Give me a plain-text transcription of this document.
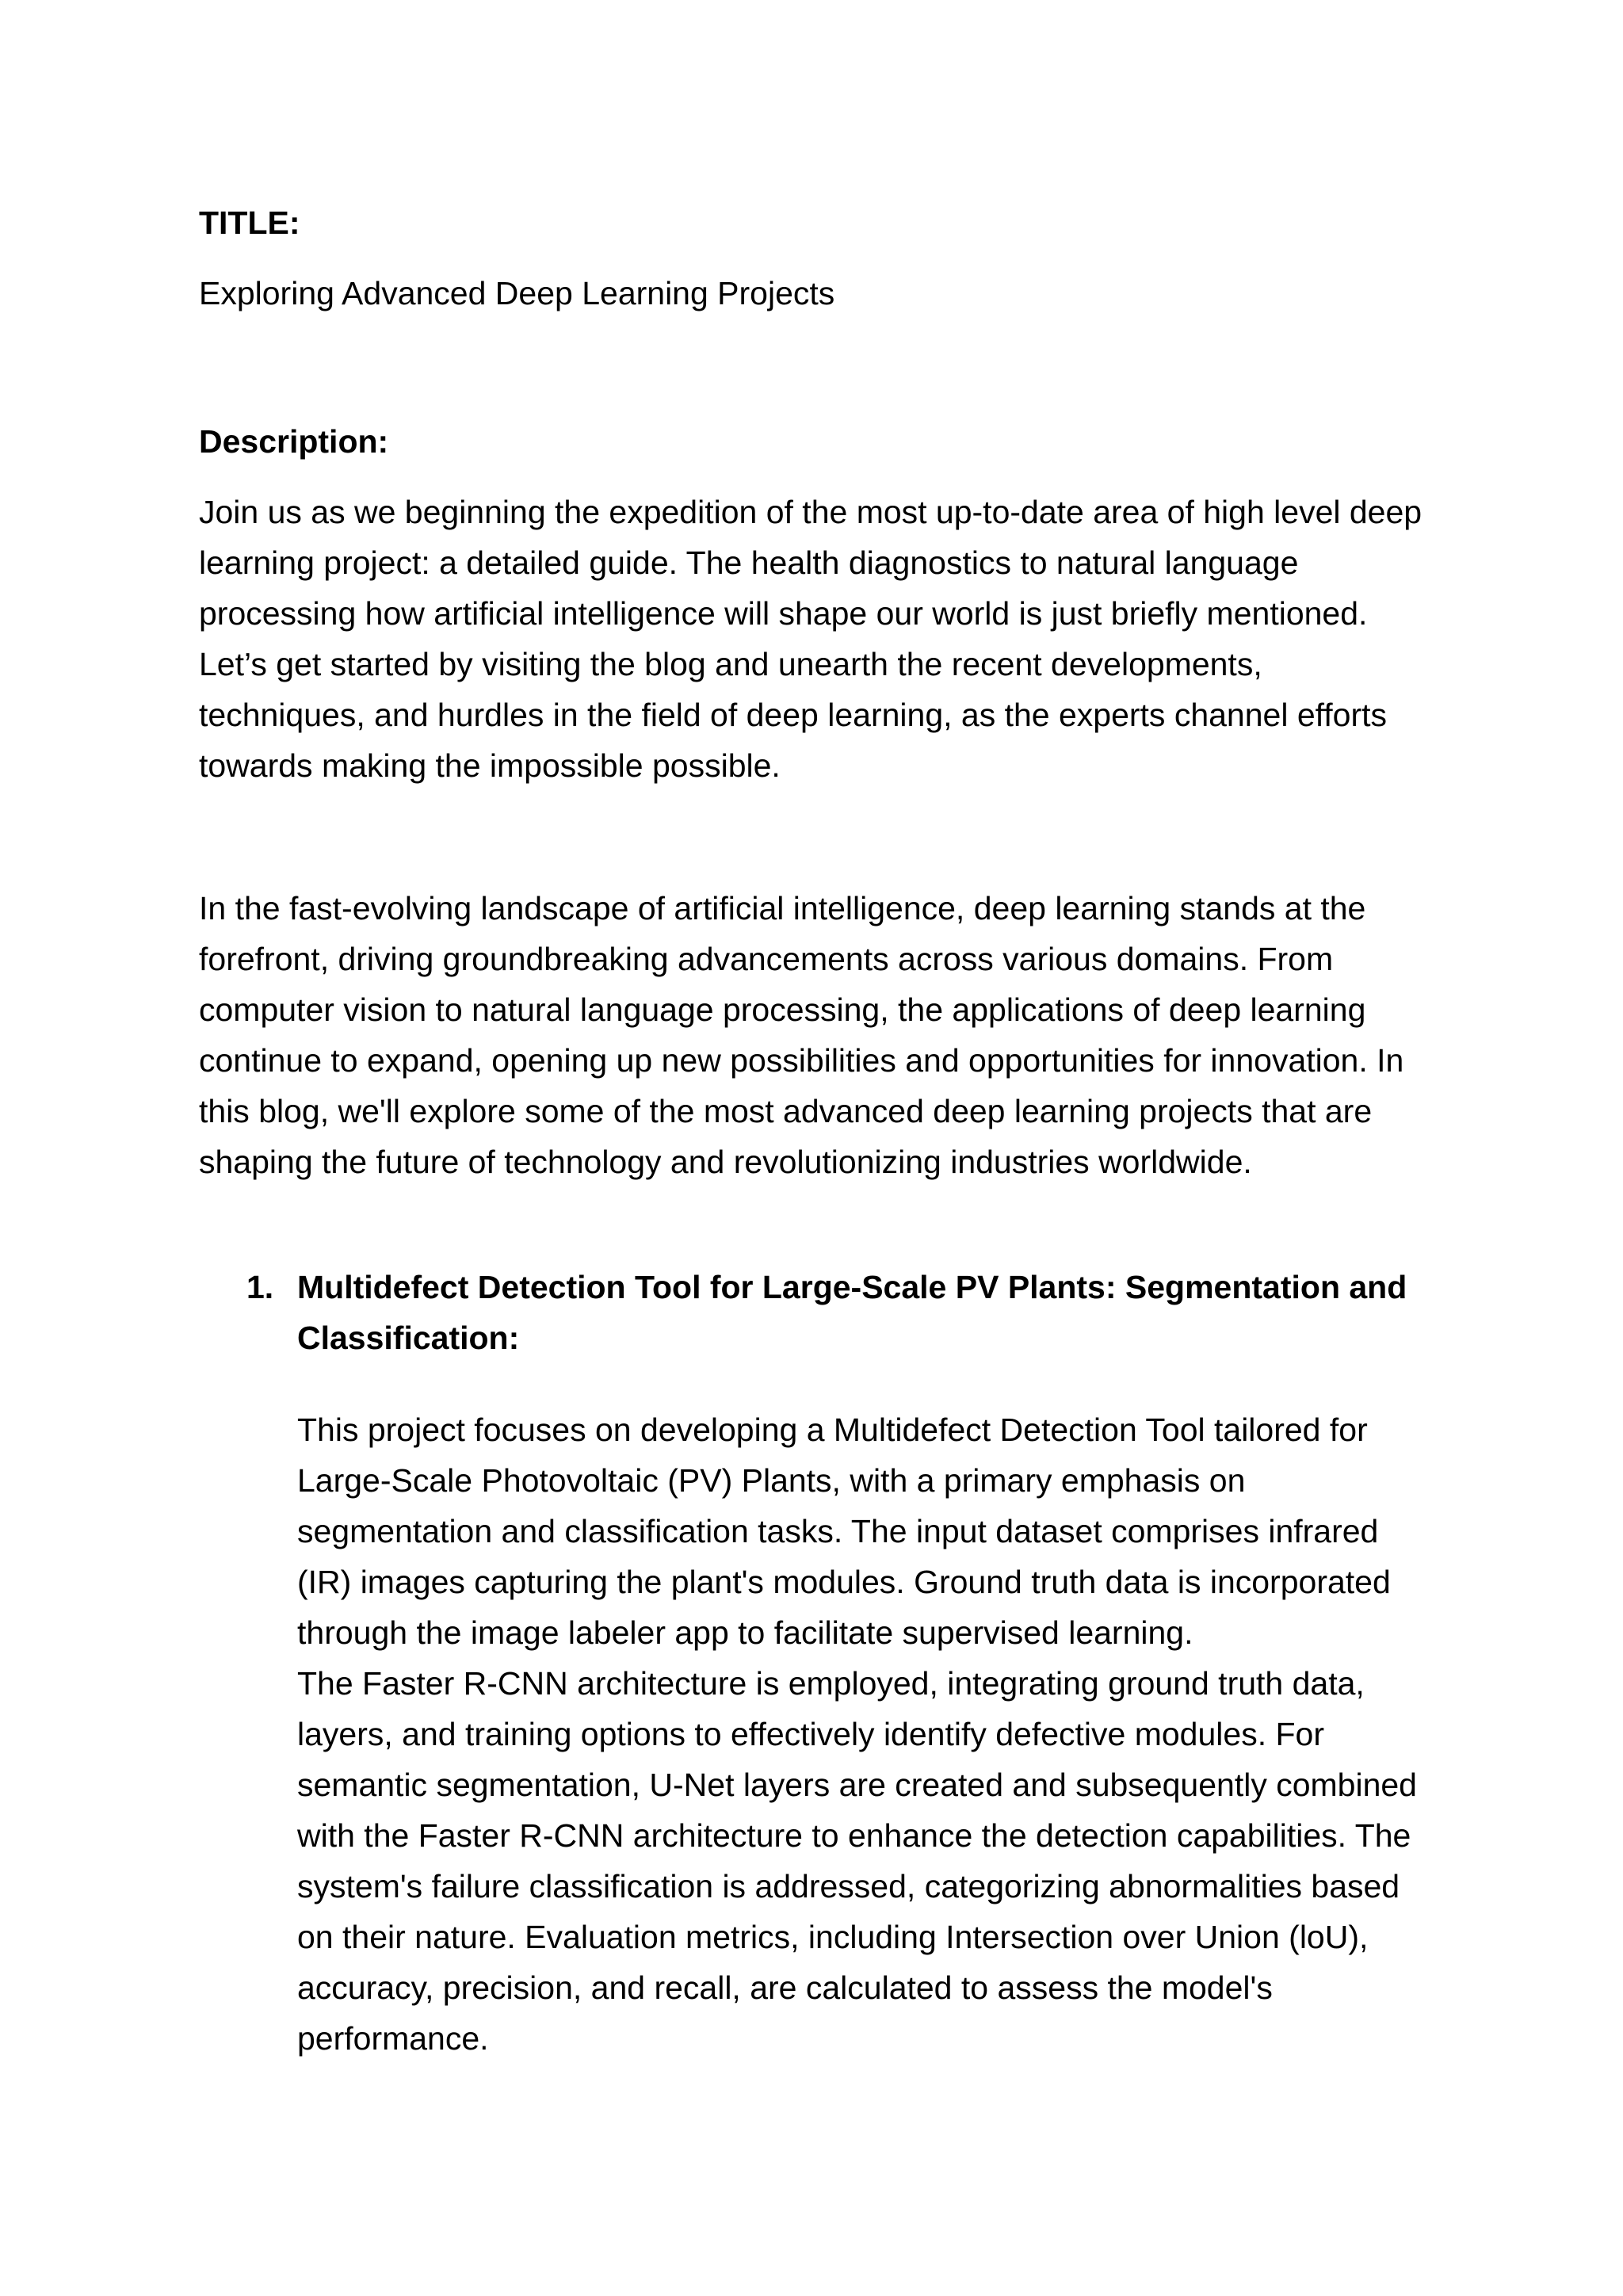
TITLE:
Exploring Advanced Deep Learning Projects
Description:

Join us as we beginning the expedition of the most up-to-date area of high level deep learning project: a detailed guide. The health diagnostics to natural language processing how artificial intelligence will shape our world is just briefly mentioned. Let’s get started by visiting the blog and unearth the recent developments, techniques, and hurdles in the field of deep learning, as the experts channel efforts towards making the impossible possible.

In the fast-evolving landscape of artificial intelligence, deep learning stands at the forefront, driving groundbreaking advancements across various domains. From computer vision to natural language processing, the applications of deep learning continue to expand, opening up new possibilities and opportunities for innovation. In this blog, we'll explore some of the most advanced deep learning projects that are shaping the future of technology and revolutionizing industries worldwide.

1. Multidefect Detection Tool for Large-Scale PV Plants: Segmentation and Classification:

This project focuses on developing a Multidefect Detection Tool tailored for Large-Scale Photovoltaic (PV) Plants, with a primary emphasis on segmentation and classification tasks. The input dataset comprises infrared (IR) images capturing the plant's modules. Ground truth data is incorporated through the image labeler app to facilitate supervised learning.
The Faster R-CNN architecture is employed, integrating ground truth data, layers, and training options to effectively identify defective modules. For semantic segmentation, U-Net layers are created and subsequently combined with the Faster R-CNN architecture to enhance the detection capabilities. The system's failure classification is addressed, categorizing abnormalities based on their nature. Evaluation metrics, including Intersection over Union (loU), accuracy, precision, and recall, are calculated to assess the model's performance.
